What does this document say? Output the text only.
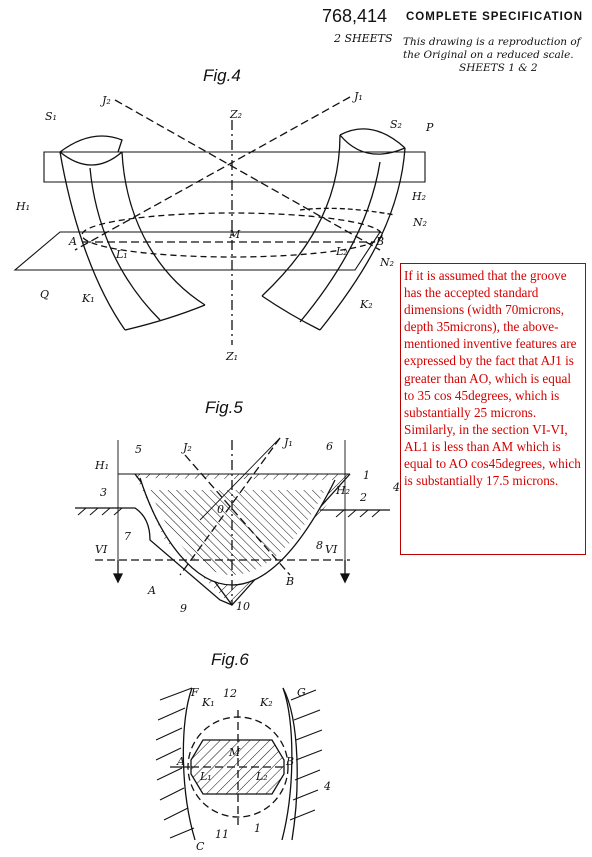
768,414 COMPLETE SPECIFICATION
2 SHEETS This drawing is a reproduction of
the Original on a reduced scale.
SHEETS 1 & 2
Fig.4
Fig.5
Fig.6
S₁
J₂
Z₂
J₁
S₂ P
H₁
H₂
N₂
M
A	B
L₁	L₂
N₂
Q	K₁	K₂
Z₁
5	J₂	J₁	6
H₁
1
H₂
3
0
2
4
7
8
VI	VI
B
A
9	10
F 12
K₁	K₂
G
M
A	B
L₁	L₂
4
C
11 1
If it is assumed that the groove has the accepted standard dimensions (width 70microns, depth 35microns), the above-mentioned inventive features are expressed by the fact that AJ1 is greater than AO, which is equal to 35 cos 45degrees, which is substantially 25 microns. Similarly, in the section VI-VI, AL1 is less than AM which is equal to AO cos45degrees, which is substantially 17.5 microns.
